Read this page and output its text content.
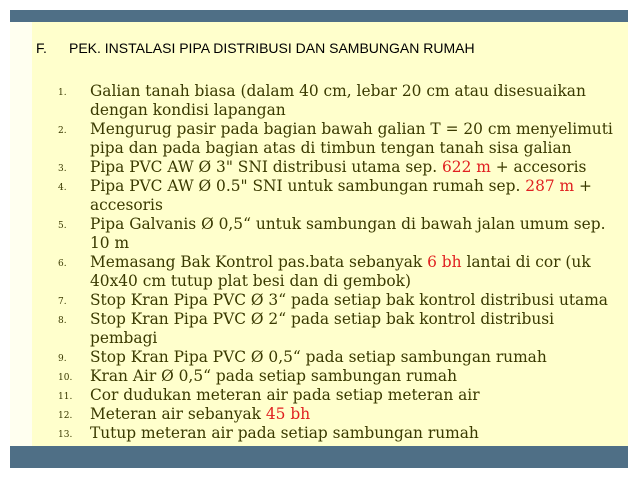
F. PEK. INSTALASI PIPA DISTRIBUSI DAN SAMBUNGAN RUMAH
1. Galian tanah biasa (dalam 40 cm, lebar 20 cm atau disesuaikan dengan kondisi lapangan
2. Mengurug pasir pada bagian bawah galian T = 20 cm menyelimuti pipa dan pada bagian atas di timbun tengan tanah sisa galian
3. Pipa PVC AW Ø 3" SNI distribusi utama sep. 622 m + accesoris
4. Pipa PVC AW Ø 0.5" SNI untuk sambungan rumah sep. 287 m + accesoris
5. Pipa Galvanis Ø 0,5“ untuk sambungan di bawah jalan umum sep. 10 m
6. Memasang Bak Kontrol pas.bata sebanyak 6 bh lantai di cor (uk 40x40 cm tutup plat besi dan di gembok)
7. Stop Kran Pipa PVC Ø 3“ pada setiap bak kontrol distribusi utama
8. Stop Kran Pipa PVC Ø 2“ pada setiap bak kontrol distribusi pembagi
9. Stop Kran Pipa PVC Ø 0,5“ pada setiap sambungan rumah
10. Kran Air Ø 0,5“ pada setiap sambungan rumah
11. Cor dudukan meteran air pada setiap meteran air
12. Meteran air sebanyak 45 bh
13. Tutup meteran air pada setiap sambungan rumah
